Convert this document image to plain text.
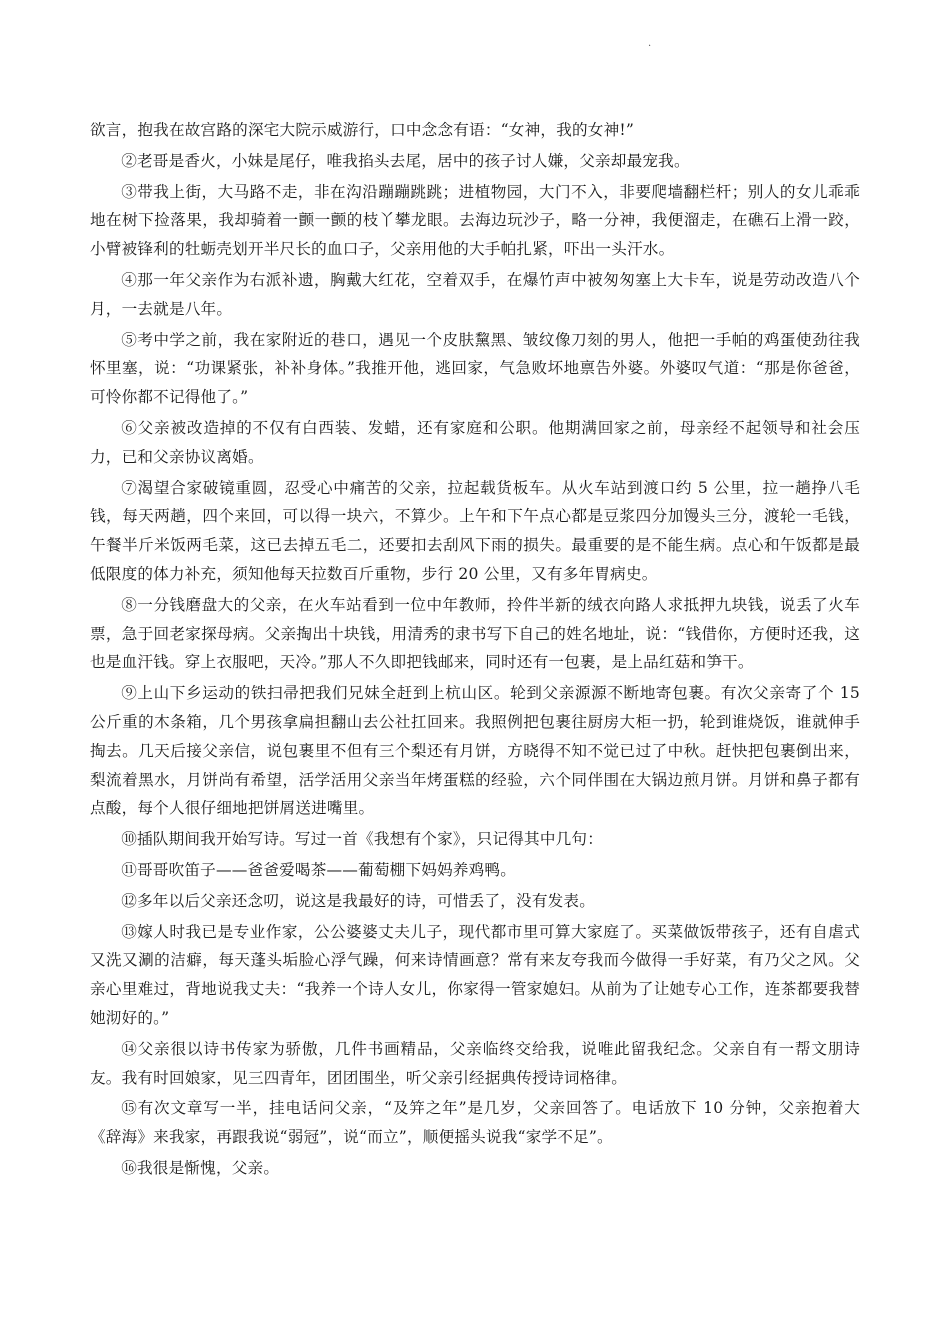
.

欲言，抱我在故宫路的深宅大院示威游行，口中念念有语：“女神，我的女神!”

②老哥是香火，小妹是尾仔，唯我掐头去尾，居中的孩子讨人嫌，父亲却最宠我。

③带我上街，大马路不走，非在沟沿蹦蹦跳跳；进植物园，大门不入，非要爬墙翻栏杆；别人的女儿乖乖地在树下捡落果，我却骑着一颤一颤的枝丫攀龙眼。去海边玩沙子，略一分神，我便溜走，在礁石上滑一跤，小臂被锋利的牡蛎壳划开半尺长的血口子，父亲用他的大手帕扎紧，吓出一头汗水。

④那一年父亲作为右派补遗，胸戴大红花，空着双手，在爆竹声中被匆匆塞上大卡车，说是劳动改造八个月，一去就是八年。

⑤考中学之前，我在家附近的巷口，遇见一个皮肤黧黑、皱纹像刀刻的男人，他把一手帕的鸡蛋使劲往我怀里塞，说：“功课紧张，补补身体。”我推开他，逃回家，气急败坏地禀告外婆。外婆叹气道：“那是你爸爸，可怜你都不记得他了。”

⑥父亲被改造掉的不仅有白西装、发蜡，还有家庭和公职。他期满回家之前，母亲经不起领导和社会压力，已和父亲协议离婚。

⑦渴望合家破镜重圆，忍受心中痛苦的父亲，拉起载货板车。从火车站到渡口约 5 公里，拉一趟挣八毛钱，每天两趟，四个来回，可以得一块六，不算少。上午和下午点心都是豆浆四分加馒头三分，渡轮一毛钱，午餐半斤米饭两毛菜，这已去掉五毛二，还要扣去刮风下雨的损失。最重要的是不能生病。点心和午饭都是最低限度的体力补充，须知他每天拉数百斤重物，步行 20 公里，又有多年胃病史。

⑧一分钱磨盘大的父亲，在火车站看到一位中年教师，拎件半新的绒衣向路人求抵押九块钱，说丢了火车票，急于回老家探母病。父亲掏出十块钱，用清秀的隶书写下自己的姓名地址，说：“钱借你，方便时还我，这也是血汗钱。穿上衣服吧，天冷。”那人不久即把钱邮来，同时还有一包裹，是上品红菇和笋干。

⑨上山下乡运动的铁扫帚把我们兄妹全赶到上杭山区。轮到父亲源源不断地寄包裹。有次父亲寄了个 15 公斤重的木条箱，几个男孩拿扁担翻山去公社扛回来。我照例把包裹往厨房大柜一扔，轮到谁烧饭，谁就伸手掏去。几天后接父亲信，说包裹里不但有三个梨还有月饼，方晓得不知不觉已过了中秋。赶快把包裹倒出来，梨流着黑水，月饼尚有希望，活学活用父亲当年烤蛋糕的经验，六个同伴围在大锅边煎月饼。月饼和鼻子都有点酸，每个人很仔细地把饼屑送进嘴里。

⑩插队期间我开始写诗。写过一首《我想有个家》，只记得其中几句：

⑪哥哥吹笛子——爸爸爱喝茶——葡萄棚下妈妈养鸡鸭。

⑫多年以后父亲还念叨，说这是我最好的诗，可惜丢了，没有发表。

⑬嫁人时我已是专业作家，公公婆婆丈夫儿子，现代都市里可算大家庭了。买菜做饭带孩子，还有自虐式又洗又涮的洁癖，每天蓬头垢脸心浮气躁，何来诗情画意？常有来友夸我而今做得一手好菜，有乃父之风。父亲心里难过，背地说我丈夫：“我养一个诗人女儿，你家得一管家媳妇。从前为了让她专心工作，连茶都要我替她沏好的。”

⑭父亲很以诗书传家为骄傲，几件书画精品，父亲临终交给我，说唯此留我纪念。父亲自有一帮文朋诗友。我有时回娘家，见三四青年，团团围坐，听父亲引经据典传授诗词格律。

⑮有次文章写一半，挂电话问父亲，“及笄之年”是几岁，父亲回答了。电话放下 10 分钟，父亲抱着大《辞海》来我家，再跟我说“弱冠”，说“而立”，顺便摇头说我“家学不足”。

⑯我很是惭愧，父亲。
